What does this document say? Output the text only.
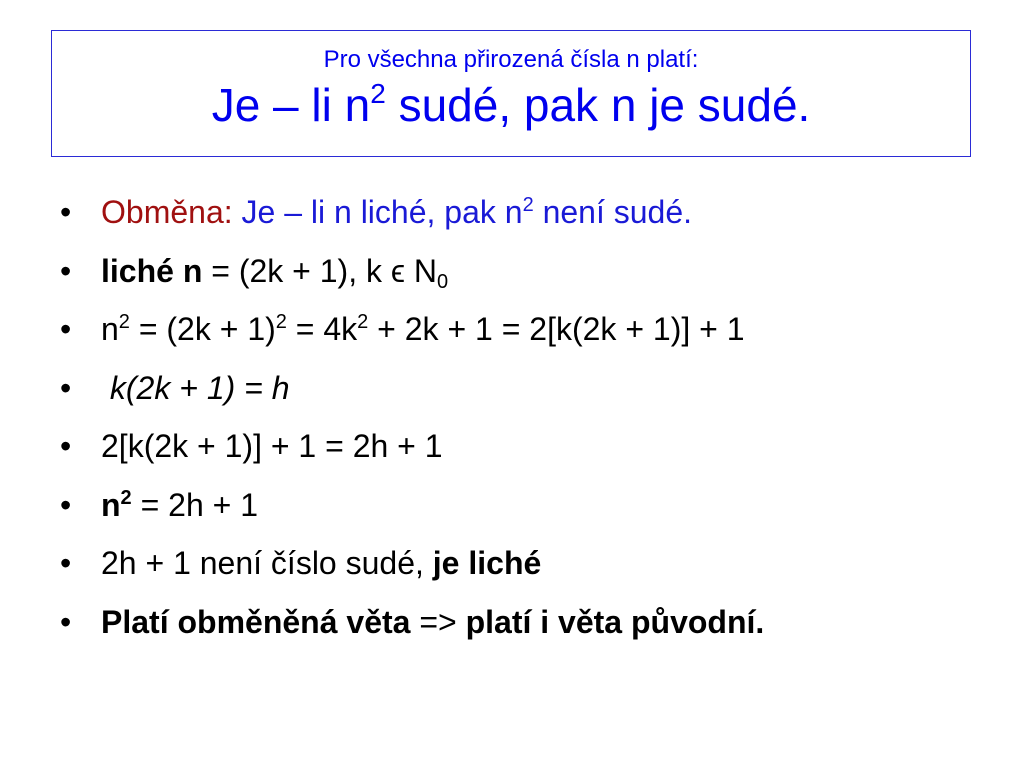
Pro všechna přirozená čísla n platí:
Je – li $n^2$ sudé, pak n je sudé.
• Obměna: Je – li n liché, pak $n^2$ není sudé.
• liché n = (2k + 1), k ϵ $N_0$
• $n^2 = (2k + 1)^2 = 4k^2 + 2k + 1 = 2[k(2k + 1)] + 1$
•  k(2k + 1) = h
• 2[k(2k + 1)] + 1 = 2h + 1
• $n^2 = 2h + 1$
• 2h + 1 není číslo sudé, je liché
• Platí obměněná věta => platí i věta původní.
